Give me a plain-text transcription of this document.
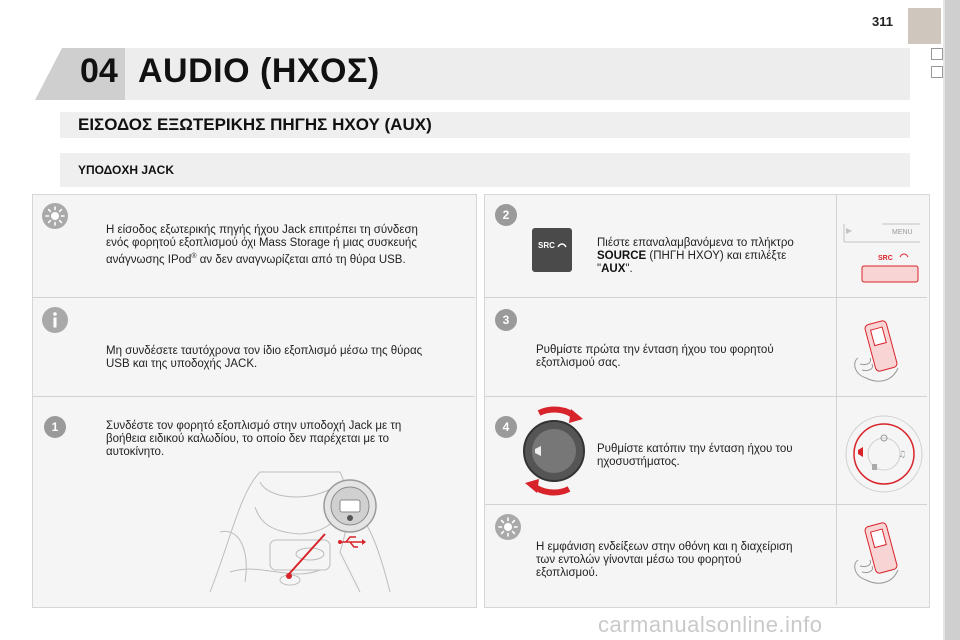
311
04 AUDIO (ΗΧΟΣ)
ΕΙΣΟΔΟΣ ΕΞΩΤΕΡΙΚΗΣ ΠΗΓΗΣ ΗΧΟΥ (AUX)
ΥΠΟΔΟΧΗ JACK
Η είσοδος εξωτερικής πηγής ήχου Jack επιτρέπει τη σύνδεση
ενός φορητού εξοπλισμού όχι Mass Storage ή μιας συσκευής
ανάγνωσης IPod® αν δεν αναγνωρίζεται από τη θύρα USB.
Μη συνδέσετε ταυτόχρονα τον ίδιο εξοπλισμό μέσω της θύρας
USB και της υποδοχής JACK.
1	Συνδέστε τον φορητό εξοπλισμό στην υποδοχή Jack με τη
βοήθεια ειδικού καλωδίου, το οποίο δεν παρέχεται με το
αυτοκίνητο.
2
SRC	Πιέστε επαναλαμβανόμενα το πλήκτρο
SOURCE (ΠΗΓΗ ΗΧΟΥ) και επιλέξτε
"AUX".
MENU
SRC
3
Ρυθμίστε πρώτα την ένταση ήχου του φορητού
εξοπλισμού σας.
4
Ρυθμίστε κατόπιν την ένταση ήχου του
ηχοσυστήματος.
♫
Η εμφάνιση ενδείξεων στην οθόνη και η διαχείριση
των εντολών γίνονται μέσω του φορητού
εξοπλισμού.
carmanualsonline.info
